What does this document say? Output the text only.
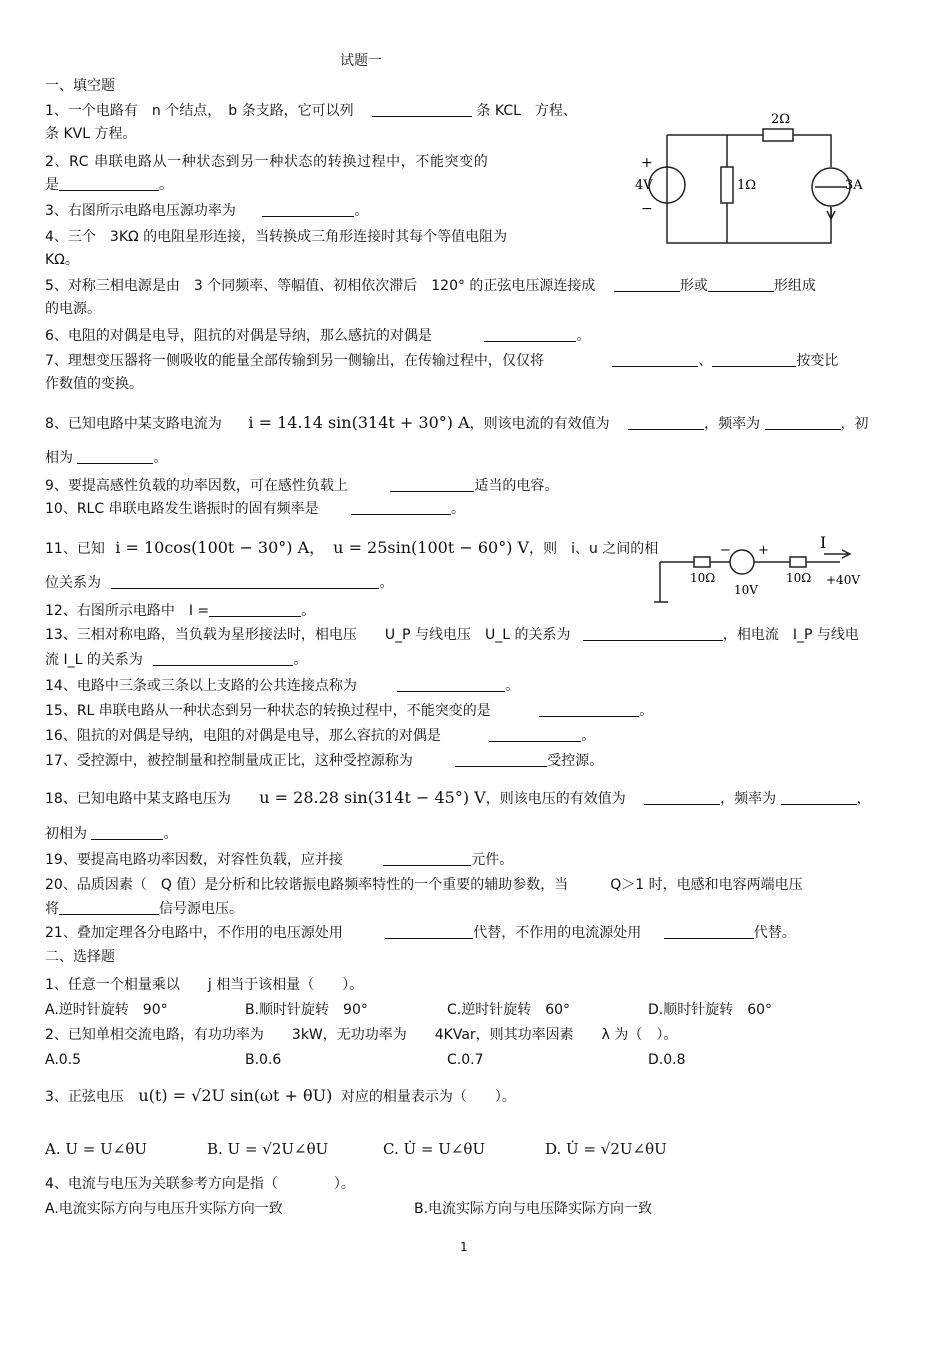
试题一
一、填空题
1、一个电路有　n 个结点，　b 条支路，它可以列	条 KCL　方程、
条 KVL 方程。
2、RC 串联电路从一种状态到另一种状态的转换过程中，不能突变的
是	。
3、右图所示电路电压源功率为	。
4、三个　3KΩ 的电阻星形连接，当转换成三角形连接时其每个等值电阻为
KΩ。
2Ω
1Ω
4V
+
−
3A
5、对称三相电源是由　3 个同频率、等幅值、初相依次滞后　120° 的正弦电压源连接成	形或	形组成
的电源。
6、电阻的对偶是电导，阻抗的对偶是导纳，那么感抗的对偶是	。
7、理想变压器将一侧吸收的能量全部传输到另一侧输出，在传输过程中，仅仅将	、	按变比
作数值的变换。
8、已知电路中某支路电流为 i = 14.14 sin(314t + 30°) A，则该电流的有效值为	，频率为	，初
相为	。
9、要提高感性负载的功率因数，可在感性负载上	适当的电容。
10、RLC 串联电路发生谐振时的固有频率是	。
11、已知 i = 10cos(100t − 30°) A，　u = 25sin(100t − 60°) V，则　i、u 之间的相
位关系为	。
I
10Ω
10V
10Ω +40V
− +
12、右图所示电路中　I =	。
13、三相对称电路，当负载为星形接法时，相电压　　U_P 与线电压　U_L 的关系为	，相电流　I_P 与线电
流 I_L 的关系为	。
14、电路中三条或三条以上支路的公共连接点称为	。
15、RL 串联电路从一种状态到另一种状态的转换过程中，不能突变的是	。
16、阻抗的对偶是导纳，电阻的对偶是电导，那么容抗的对偶是	。
17、受控源中，被控制量和控制量成正比，这种受控源称为	受控源。
18、已知电路中某支路电压为 u = 28.28 sin(314t − 45°) V，则该电压的有效值为	，频率为	，
初相为	。
19、要提高电路功率因数，对容性负载，应并接	元件。
20、品质因素（　Q 值）是分析和比较谐振电路频率特性的一个重要的辅助参数，当　　　Q＞1 时，电感和电容两端电压
将	信号源电压。
21、叠加定理各分电路中，不作用的电压源处用	代替，不作用的电流源处用	代替。
二、选择题
1、任意一个相量乘以　　j 相当于该相量（　　）。
A.逆时针旋转　90°	B.顺时针旋转　90°	C.逆时针旋转　60°	D.顺时针旋转　60°
2、已知单相交流电路，有功功率为　　3kW，无功功率为　　4KVar，则其功率因素　　λ 为（　）。
A.0.5	B.0.6	C.0.7	D.0.8
3、正弦电压 u(t) = √2U sin(ωt + θU) 对应的相量表示为（　　）。
A. U = U∠θU	B. U = √2U∠θU	C. U̇ = U∠θU	D. U̇ = √2U∠θU
4、电流与电压为关联参考方向是指（　　　　）。
A.电流实际方向与电压升实际方向一致	B.电流实际方向与电压降实际方向一致
1
